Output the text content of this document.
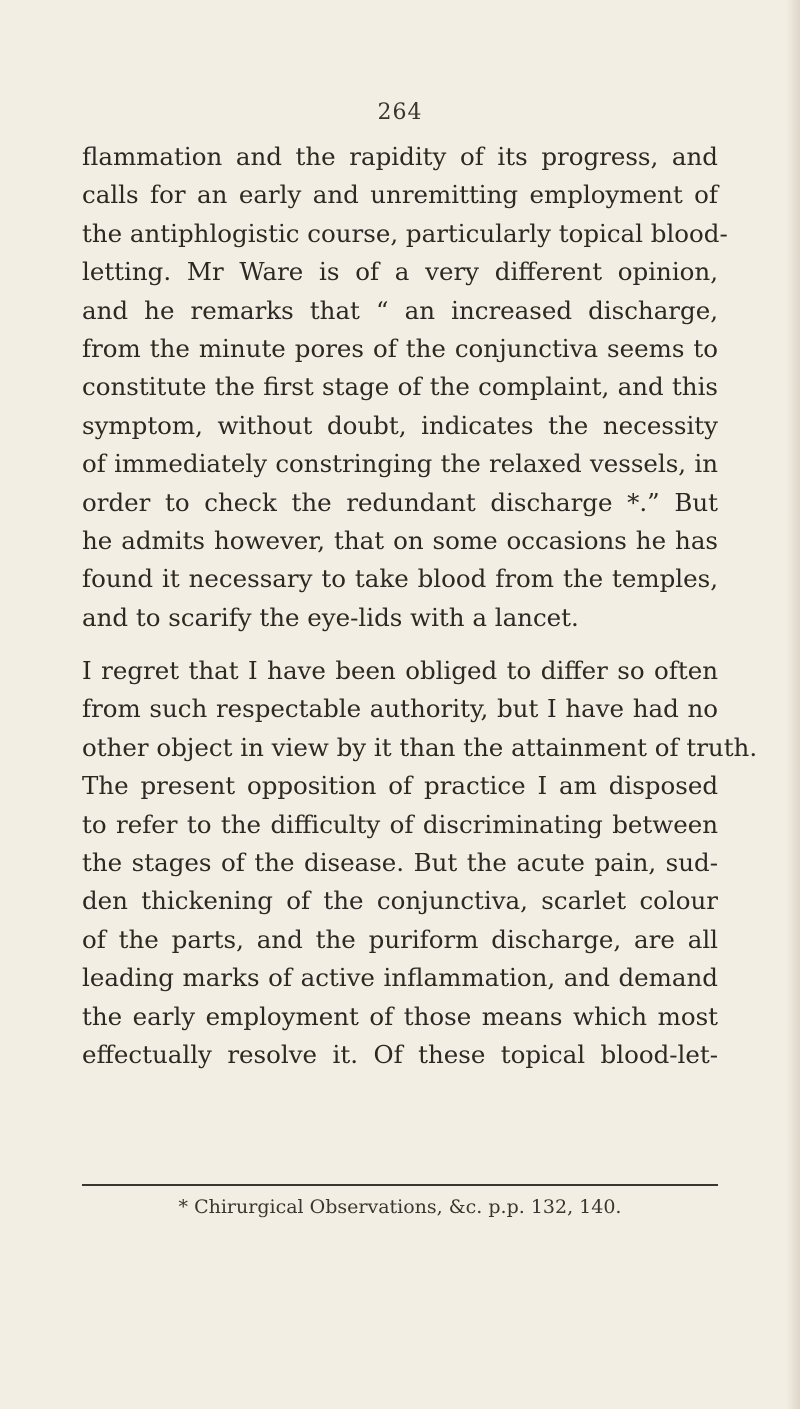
264
flammation and the rapidity of its progress, and
calls for an early and unremitting employment of
the antiphlogistic course, particularly topical blood-
letting. Mr Ware is of a very different opinion,
and he remarks that “ an increased discharge,
from the minute pores of the conjunctiva seems to
constitute the first stage of the complaint, and this
symptom, without doubt, indicates the necessity
of immediately constringing the relaxed vessels, in
order to check the redundant discharge *.” But
he admits however, that on some occasions he has
found it necessary to take blood from the temples,
and to scarify the eye-lids with a lancet.
I regret that I have been obliged to differ so often
from such respectable authority, but I have had no
other object in view by it than the attainment of truth.
The present opposition of practice I am disposed
to refer to the difficulty of discriminating between
the stages of the disease. But the acute pain, sud-
den thickening of the conjunctiva, scarlet colour
of the parts, and the puriform discharge, are all
leading marks of active inflammation, and demand
the early employment of those means which most
effectually resolve it. Of these topical blood-let-
* Chirurgical Observations, &c. p.p. 132, 140.
